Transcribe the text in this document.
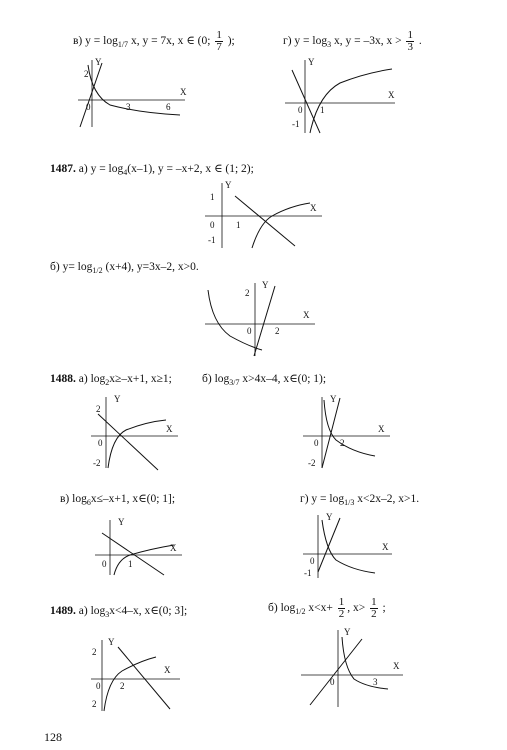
в) $y = \log_{1/7} x$, y = 7x, x ∈ (0; $\frac{1}{7}$ );	г) $y = \log_3 x$, y = –3x, $x > \frac{1}{3}$ .
X
Y
0
2
3	6
X
Y
0 1
-1
1487. а) $y = \log_4(x-1)$, y = –x+2, x ∈ (1; 2);
X
Y
0
1
1
-1
б) $y= \log_{1/2} (x+4)$, y=3x–2, x>0.
X
Y
0
2
2
1488. а) $\log_2x\ge-x+1$, x≥1;	б) $\log_{3/7} x>4x-4$, x∈(0; 1);
X
Y
0
2
-2
X
Y
0 2
-2
в) $\log_6x\le-x+1$, x∈(0; 1];	г) $y = \log_{1/3} x<2x-2$, x>1.
X
Y
0 1
X
Y
0
-1
1489. а) $\log_3x<4-x$, x∈(0; 3];	б) $\log_{1/2} x<x+ \frac{1}{2}$ , $x> \frac{1}{2}$ ;
X
Y
0
2
2
2
X
Y
0	3
128
